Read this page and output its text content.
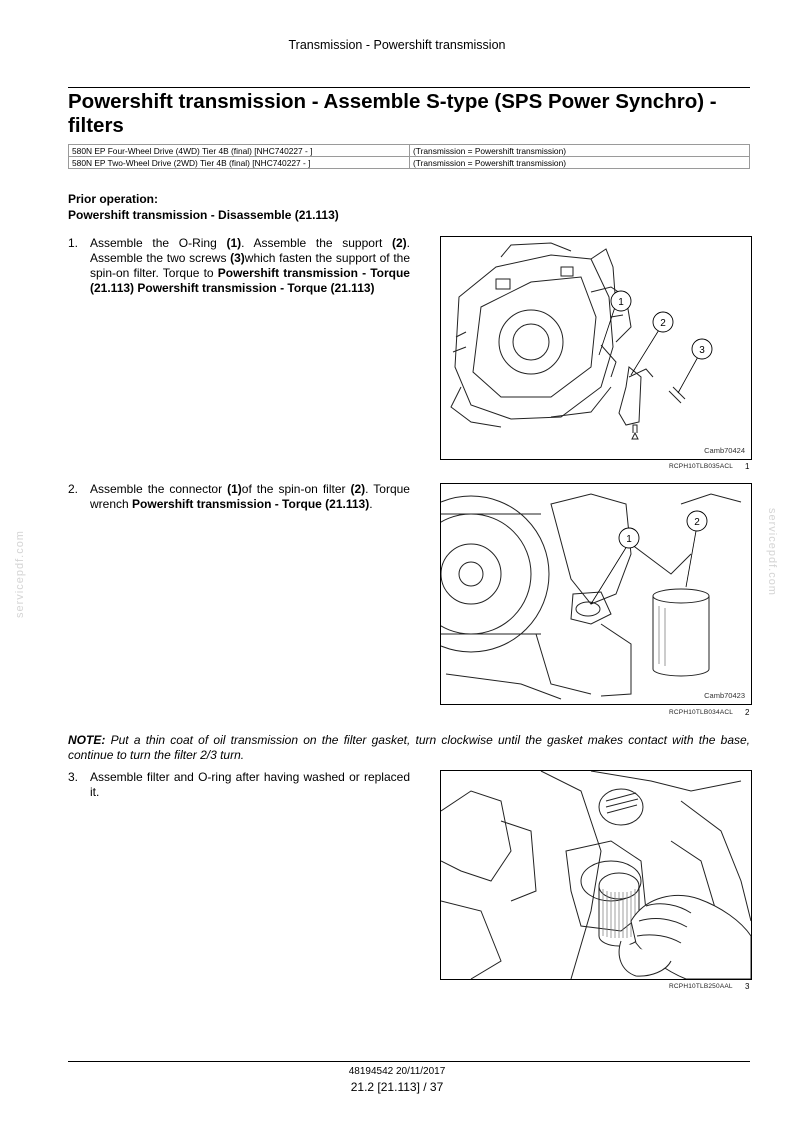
Transmission - Powershift transmission
Powershift transmission - Assemble S-type (SPS Power Synchro) - filters
580N EP Four-Wheel Drive (4WD) Tier 4B (final) [NHC740227 - ]	(Transmission = Powershift transmission)
580N EP Two-Wheel Drive (2WD) Tier 4B (final) [NHC740227 - ]	(Transmission = Powershift transmission)
Prior operation:
Powershift transmission - Disassemble (21.113)
1. Assemble the O-Ring (1). Assemble the support (2). Assemble the two screws (3)which fasten the support of the spin-on filter. Torque to Powershift transmission - Torque (21.113) Powershift transmission - Torque (21.113)
1
2
3
Camb70424
RCPH10TLB035ACL 1
2. Assemble the connector (1)of the spin-on filter (2). Torque wrench Powershift transmission - Torque (21.113).
1
2
Camb70423
RCPH10TLB034ACL 2
NOTE: Put a thin coat of oil transmission on the filter gasket, turn clockwise until the gasket makes contact with the base, continue to turn the filter 2/3 turn.
3. Assemble filter and O-ring after having washed or replaced it.
RCPH10TLB250AAL 3
servicepdf.com	servicepdf.com
48194542 20/11/2017
21.2 [21.113] / 37
